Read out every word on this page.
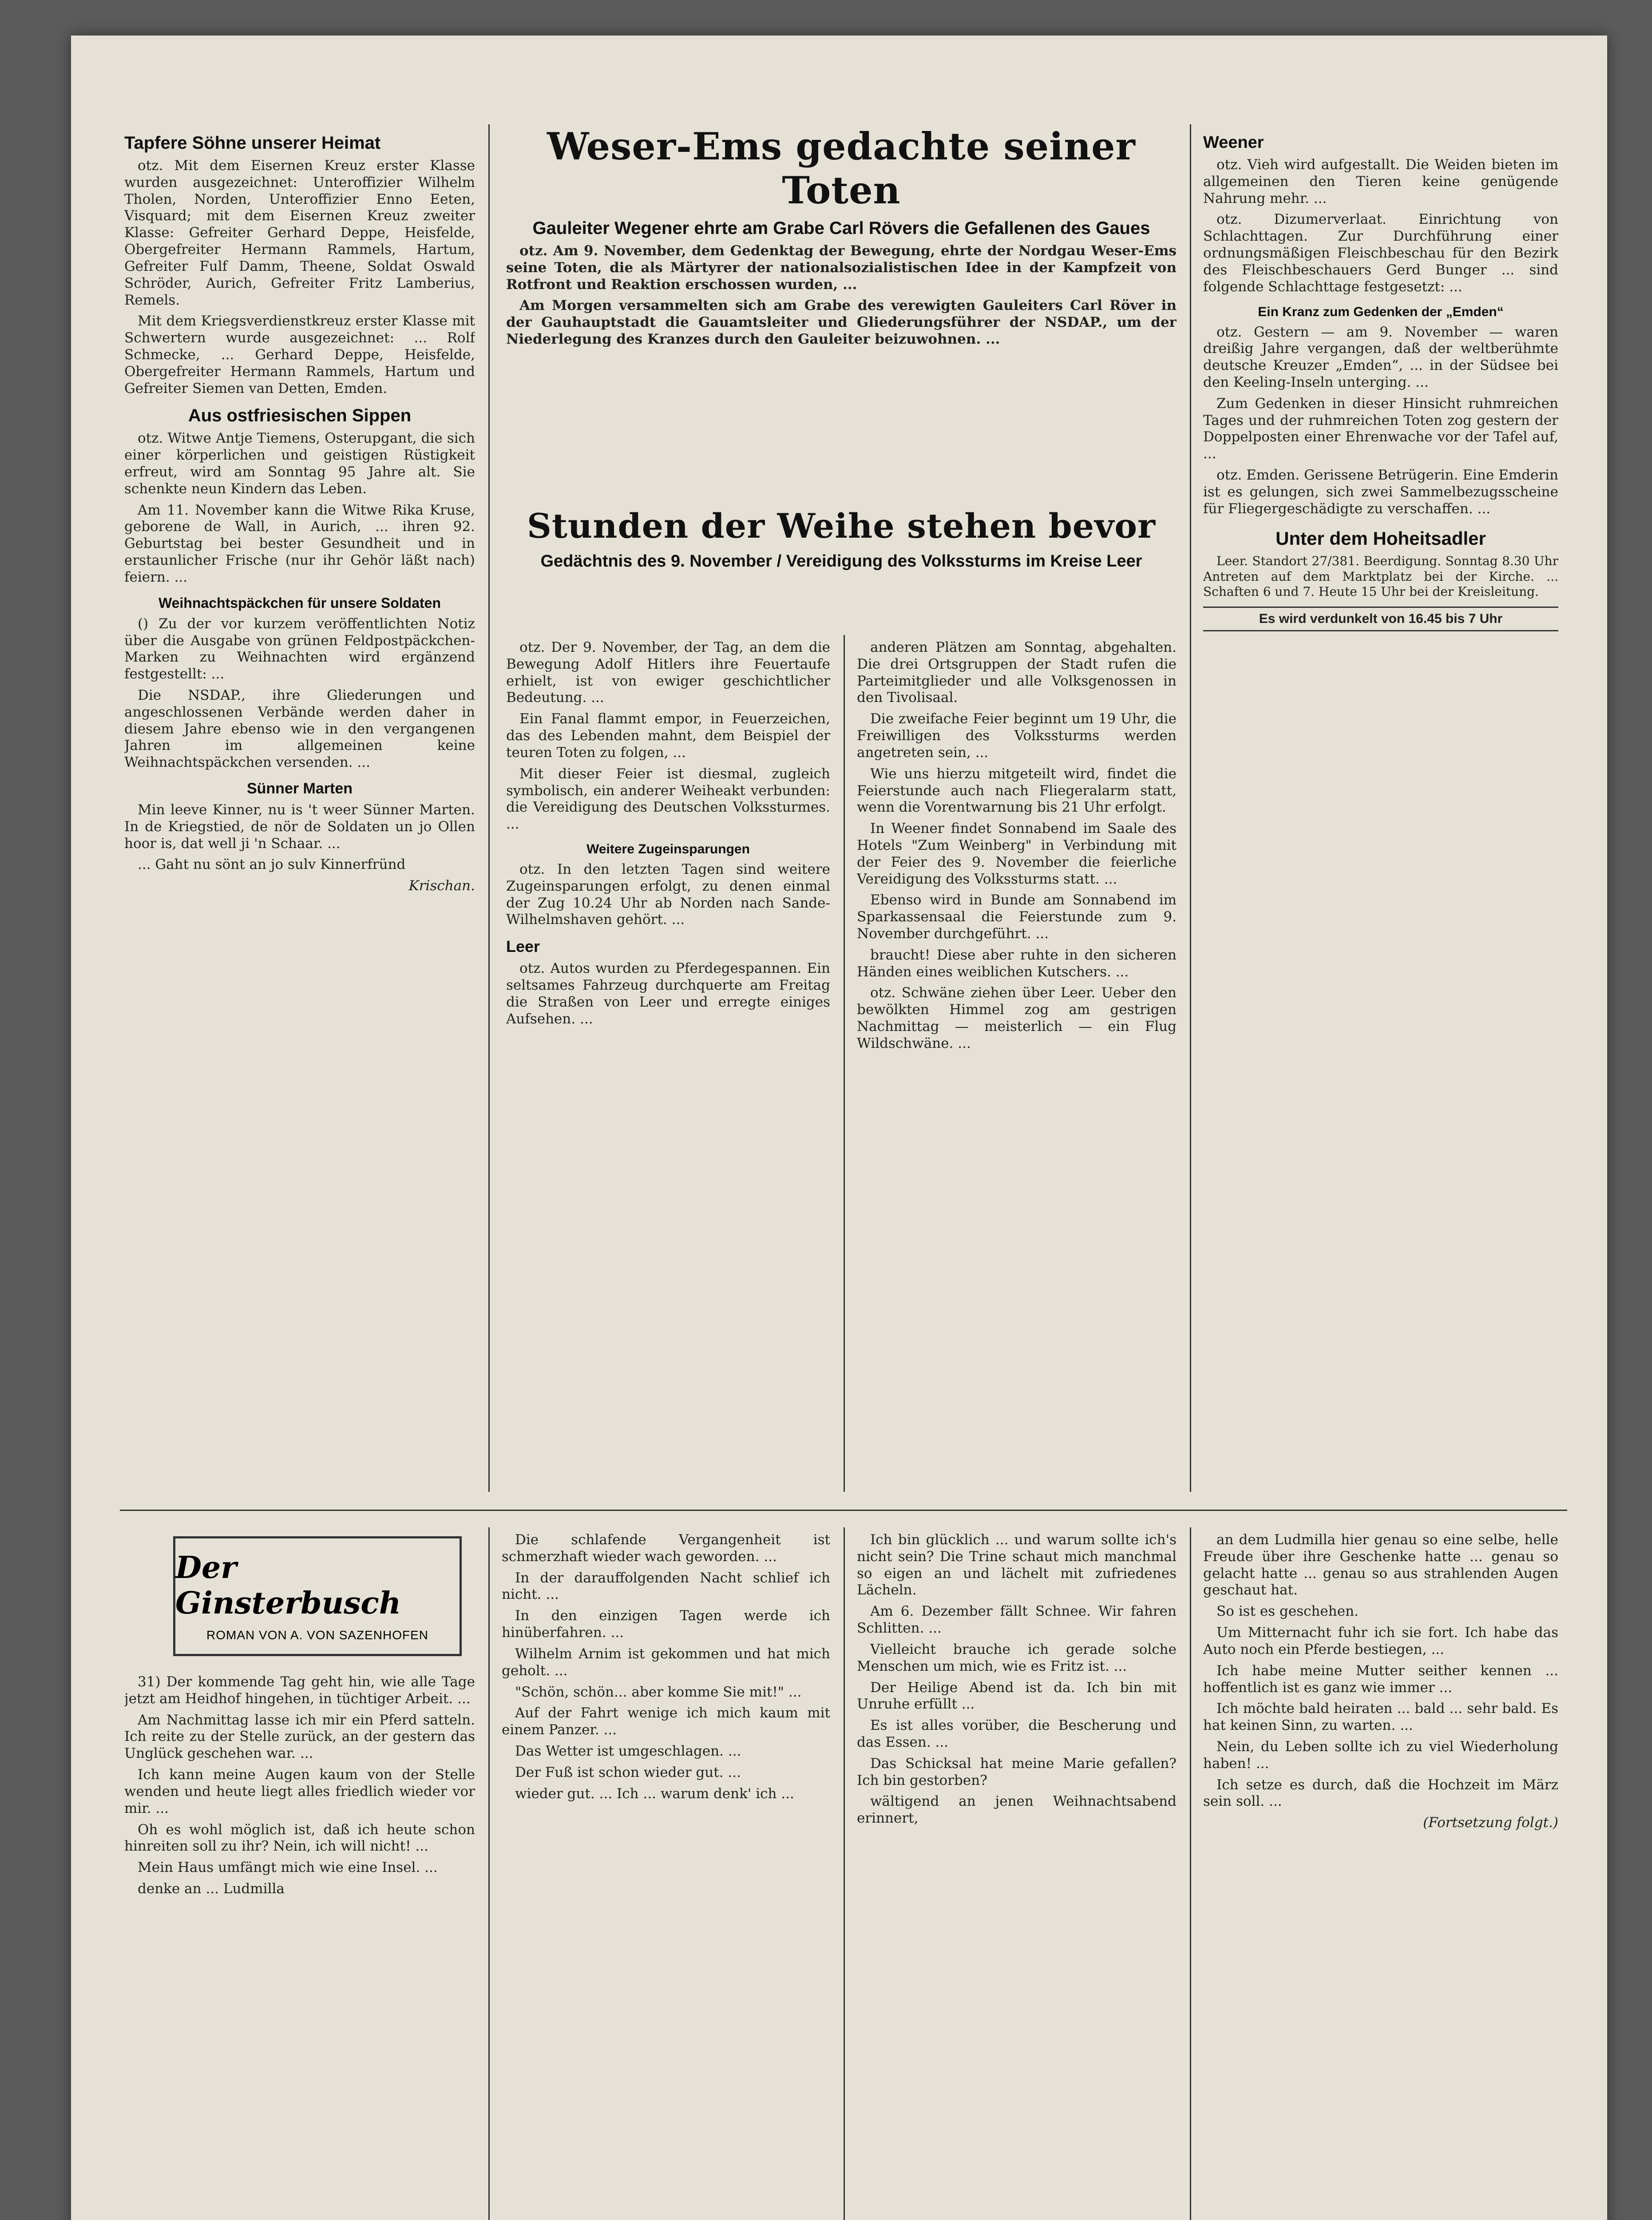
Tapfere Söhne unserer Heimat

otz. Mit dem Eisernen Kreuz erster Klasse wurden ausgezeichnet: Unteroffizier Wilhelm Tholen, Norden, Unteroffizier Enno Eeten, Visquard; mit dem Eisernen Kreuz zweiter Klasse: Gefreiter Gerhard Deppe, Heisfelde, Obergefreiter Hermann Rammels, Hartum, Gefreiter Fulf Damm, Theene, Soldat Oswald Schröder, Aurich, Gefreiter Fritz Lamberius, Remels.

Mit dem Kriegsverdienstkreuz erster Klasse mit Schwertern wurde ausgezeichnet: ... Rolf Schmecke, ... Gerhard Deppe, Heisfelde, Obergefreiter Hermann Rammels, Hartum und Gefreiter Siemen van Detten, Emden.

Aus ostfriesischen Sippen

otz. Witwe Antje Tiemens, Osterupgant, die sich einer körperlichen und geistigen Rüstigkeit erfreut, wird am Sonntag 95 Jahre alt. Sie schenkte neun Kindern das Leben.

Am 11. November kann die Witwe Rika Kruse, geborene de Wall, in Aurich, ... ihren 92. Geburtstag bei bester Gesundheit und in erstaunlicher Frische (nur ihr Gehör läßt nach) feiern. ...

Weihnachtspäckchen für unsere Soldaten

() Zu der vor kurzem veröffentlichten Notiz über die Ausgabe von grünen Feldpostpäckchen-Marken zu Weihnachten wird ergänzend festgestellt: ...

Die NSDAP., ihre Gliederungen und angeschlossenen Verbände werden daher in diesem Jahre ebenso wie in den vergangenen Jahren im allgemeinen keine Weihnachtspäckchen versenden. ...

Sünner Marten

Min leeve Kinner, nu is 't weer Sünner Marten. In de Kriegstied, de nör de Soldaten un jo Ollen hoor is, dat well ji 'n Schaar. ...

... Gaht nu sönt an jo sulv Kinnerfründ

Krischan.

Weser-Ems gedachte seiner Toten
Gauleiter Wegener ehrte am Grabe Carl Rövers die Gefallenen des Gaues

otz. Am 9. November, dem Gedenktag der Bewegung, ehrte der Nordgau Weser-Ems seine Toten, die als Märtyrer der nationalsozialistischen Idee in der Kampfzeit von Rotfront und Reaktion erschossen wurden, ...

Am Morgen versammelten sich am Grabe des verewigten Gauleiters Carl Röver in der Gauhauptstadt die Gauamtsleiter und Gliederungsführer der NSDAP., um der Niederlegung des Kranzes durch den Gauleiter beizuwohnen. ...

Stunden der Weihe stehen bevor
Gedächtnis des 9. November / Vereidigung des Volkssturms im Kreise Leer

otz. Der 9. November, der Tag, an dem die Bewegung Adolf Hitlers ihre Feuertaufe erhielt, ist von ewiger geschichtlicher Bedeutung. ...

Ein Fanal flammt empor, in Feuerzeichen, das des Lebenden mahnt, dem Beispiel der teuren Toten zu folgen, ...

Mit dieser Feier ist diesmal, zugleich symbolisch, ein anderer Weiheakt verbunden: die Vereidigung des Deutschen Volkssturmes. ...

Weitere Zugeinsparungen

otz. In den letzten Tagen sind weitere Zugeinsparungen erfolgt, zu denen einmal der Zug 10.24 Uhr ab Norden nach Sande-Wilhelmshaven gehört. ...

Leer

otz. Autos wurden zu Pferdegespannen. Ein seltsames Fahrzeug durchquerte am Freitag die Straßen von Leer und erregte einiges Aufsehen. ...

anderen Plätzen am Sonntag, abgehalten. Die drei Ortsgruppen der Stadt rufen die Parteimitglieder und alle Volksgenossen in den Tivolisaal.

Die zweifache Feier beginnt um 19 Uhr, die Freiwilligen des Volkssturms werden angetreten sein, ...

Wie uns hierzu mitgeteilt wird, findet die Feierstunde auch nach Fliegeralarm statt, wenn die Vorentwarnung bis 21 Uhr erfolgt.

In Weener findet Sonnabend im Saale des Hotels "Zum Weinberg" in Verbindung mit der Feier des 9. November die feierliche Vereidigung des Volkssturms statt. ...

Ebenso wird in Bunde am Sonnabend im Sparkassensaal die Feierstunde zum 9. November durchgeführt. ...

braucht! Diese aber ruhte in den sicheren Händen eines weiblichen Kutschers. ...

otz. Schwäne ziehen über Leer. Ueber den bewölkten Himmel zog am gestrigen Nachmittag — meisterlich — ein Flug Wildschwäne. ...

Weener

otz. Vieh wird aufgestallt. Die Weiden bieten im allgemeinen den Tieren keine genügende Nahrung mehr. ...

otz. Dizumerverlaat. Einrichtung von Schlachttagen. Zur Durchführung einer ordnungsmäßigen Fleischbeschau für den Bezirk des Fleischbeschauers Gerd Bunger ... sind folgende Schlachttage festgesetzt: ...

Ein Kranz zum Gedenken der „Emden“

otz. Gestern — am 9. November — waren dreißig Jahre vergangen, daß der weltberühmte deutsche Kreuzer „Emden“, ... in der Südsee bei den Keeling-Inseln unterging. ...

Zum Gedenken in dieser Hinsicht ruhmreichen Tages und der ruhmreichen Toten zog gestern der Doppelposten einer Ehrenwache vor der Tafel auf, ...

otz. Emden. Gerissene Betrügerin. Eine Emderin ist es gelungen, sich zwei Sammelbezugsscheine für Fliegergeschädigte zu verschaffen. ...

Unter dem Hoheitsadler

Leer. Standort 27/381. Beerdigung. Sonntag 8.30 Uhr Antreten auf dem Marktplatz bei der Kirche. ... Schaften 6 und 7. Heute 15 Uhr bei der Kreisleitung.

Es wird verdunkelt von 16.45 bis 7 Uhr
Der Ginsterbusch
ROMAN VON A. VON SAZENHOFEN

31) Der kommende Tag geht hin, wie alle Tage jetzt am Heidhof hingehen, in tüchtiger Arbeit. ...

Am Nachmittag lasse ich mir ein Pferd satteln. Ich reite zu der Stelle zurück, an der gestern das Unglück geschehen war. ...

Ich kann meine Augen kaum von der Stelle wenden und heute liegt alles friedlich wieder vor mir. ...

Oh es wohl möglich ist, daß ich heute schon hinreiten soll zu ihr? Nein, ich will nicht! ...

Mein Haus umfängt mich wie eine Insel. ...

denke an ... Ludmilla

Die schlafende Vergangenheit ist schmerzhaft wieder wach geworden. ...

In der darauffolgenden Nacht schlief ich nicht. ...

In den einzigen Tagen werde ich hinüberfahren. ...

Wilhelm Arnim ist gekommen und hat mich geholt. ...

"Schön, schön... aber komme Sie mit!" ...

Auf der Fahrt wenige ich mich kaum mit einem Panzer. ...

Das Wetter ist umgeschlagen. ...

Der Fuß ist schon wieder gut. ...

wieder gut. ... Ich ... warum denk' ich ...

Ich bin glücklich ... und warum sollte ich's nicht sein? Die Trine schaut mich manchmal so eigen an und lächelt mit zufriedenes Lächeln.

Am 6. Dezember fällt Schnee. Wir fahren Schlitten. ...

Vielleicht brauche ich gerade solche Menschen um mich, wie es Fritz ist. ...

Der Heilige Abend ist da. Ich bin mit Unruhe erfüllt ...

Es ist alles vorüber, die Bescherung und das Essen. ...

Das Schicksal hat meine Marie gefallen? Ich bin gestorben?

wältigend an jenen Weihnachtsabend erinnert,

an dem Ludmilla hier genau so eine selbe, helle Freude über ihre Geschenke hatte ... genau so gelacht hatte ... genau so aus strahlenden Augen geschaut hat.

So ist es geschehen.

Um Mitternacht fuhr ich sie fort. Ich habe das Auto noch ein Pferde bestiegen, ...

Ich habe meine Mutter seither kennen ... hoffentlich ist es ganz wie immer ...

Ich möchte bald heiraten ... bald ... sehr bald. Es hat keinen Sinn, zu warten. ...

Nein, du Leben sollte ich zu viel Wiederholung haben! ...

Ich setze es durch, daß die Hochzeit im März sein soll. ...

(Fortsetzung folgt.)
